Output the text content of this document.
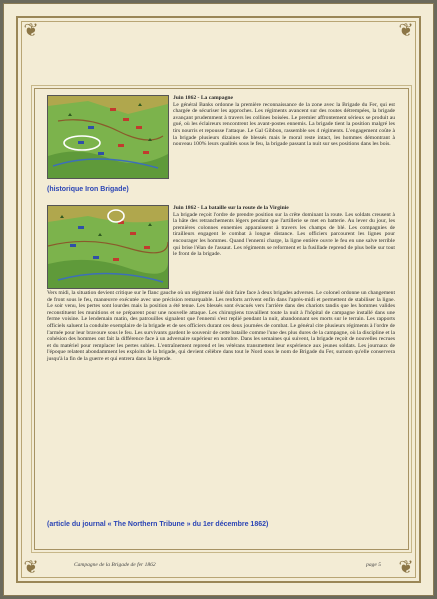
❦	❦
❦	❦
Juin 1862 - La campagne
Le général Banks ordonne la première reconnaissance de la zone avec la Brigade du Fer, qui est chargée de sécuriser les approches. Les régiments avancent sur des routes détrempées, la brigade avançant prudemment à travers les collines boisées. Le premier affrontement sérieux se produit au gué, où les éclaireurs rencontrent les avant-postes ennemis. La brigade tient la position malgré les tirs nourris et repousse l'attaque. Le Gal Gibbon, rassemble ses 4 régiments. L'engagement coûte à la brigade plusieurs dizaines de blessés mais le moral reste intact, les hommes démontrant à nouveau 100% leurs qualités sous le feu, la brigade passant la nuit sur ses positions dans les bois.
(historique Iron Brigade)
Juin 1862 - La bataille sur la route de la Virginie
La brigade reçoit l'ordre de prendre position sur la crête dominant la route. Les soldats creusent à la hâte des retranchements légers pendant que l'artillerie se met en batterie. Au lever du jour, les premières colonnes ennemies apparaissent à travers les champs de blé. Les compagnies de tirailleurs engagent le combat à longue distance. Les officiers parcourent les lignes pour encourager les hommes. Quand l'ennemi charge, la ligne entière ouvre le feu en une salve terrible qui brise l'élan de l'assaut. Les régiments se reforment et la fusillade reprend de plus belle sur tout le front de la brigade.
Vers midi, la situation devient critique sur le flanc gauche où un régiment isolé doit faire face à deux brigades adverses. Le colonel ordonne un changement de front sous le feu, manœuvre exécutée avec une précision remarquable. Les renforts arrivent enfin dans l'après-midi et permettent de stabiliser la ligne. Le soir venu, les pertes sont lourdes mais la position a été tenue. Les blessés sont évacués vers l'arrière dans des chariots tandis que les hommes valides reconstituent les munitions et se préparent pour une nouvelle attaque. Les chirurgiens travaillent toute la nuit à l'hôpital de campagne installé dans une ferme voisine. Le lendemain matin, des patrouilles signalent que l'ennemi s'est replié pendant la nuit, abandonnant ses morts sur le terrain. Les rapports officiels saluent la conduite exemplaire de la brigade et de ses officiers durant ces deux journées de combat. Le général cite plusieurs régiments à l'ordre de l'armée pour leur bravoure sous le feu. Les survivants gardent le souvenir de cette bataille comme l'une des plus dures de la campagne, où la discipline et la cohésion des hommes ont fait la différence face à un adversaire supérieur en nombre. Dans les semaines qui suivent, la brigade reçoit de nouvelles recrues et du matériel pour remplacer les pertes subies. L'entraînement reprend et les vétérans transmettent leur expérience aux jeunes soldats. Les journaux de l'époque relatent abondamment les exploits de la brigade, qui devient célèbre dans tout le Nord sous le nom de Brigade du Fer, surnom qu'elle conservera jusqu'à la fin de la guerre et qui entrera dans la légende.
(article du journal « The Northern Tribune » du 1er décembre 1862)
Campagne de la Brigade de fer 1862	page 5
